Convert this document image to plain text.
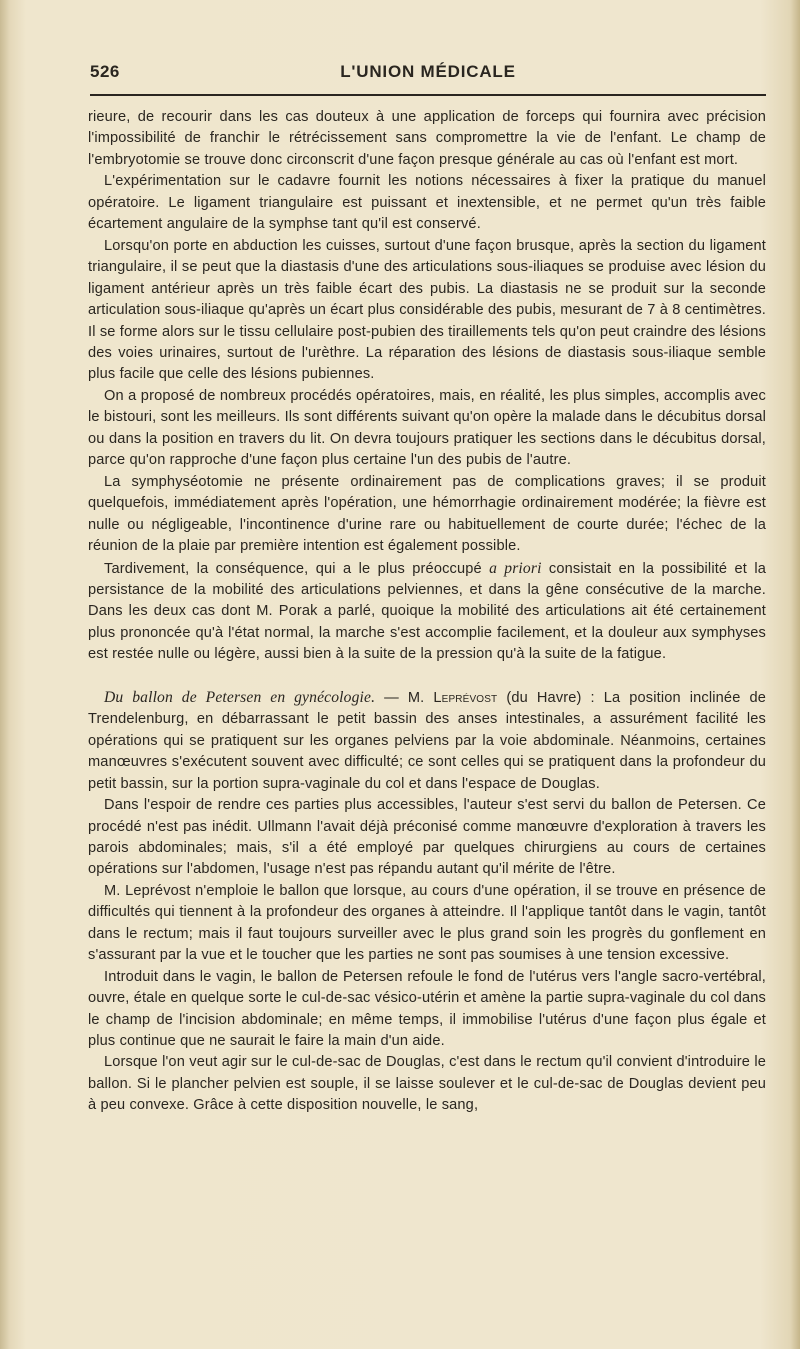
526	L'UNION MÉDICALE

rieure, de recourir dans les cas douteux à une application de forceps qui fournira avec précision l'impossibilité de franchir le rétrécissement sans compromettre la vie de l'enfant. Le champ de l'embryotomie se trouve donc circonscrit d'une façon presque générale au cas où l'enfant est mort.

L'expérimentation sur le cadavre fournit les notions nécessaires à fixer la pratique du manuel opératoire. Le ligament triangulaire est puissant et inextensible, et ne permet qu'un très faible écartement angulaire de la symphse tant qu'il est conservé.

Lorsqu'on porte en abduction les cuisses, surtout d'une façon brusque, après la section du ligament triangulaire, il se peut que la diastasis d'une des articulations sous-iliaques se produise avec lésion du ligament antérieur après un très faible écart des pubis. La diastasis ne se produit sur la seconde articulation sous-iliaque qu'après un écart plus considérable des pubis, mesurant de 7 à 8 centimètres. Il se forme alors sur le tissu cellulaire post-pubien des tiraillements tels qu'on peut craindre des lésions des voies urinaires, surtout de l'urèthre. La réparation des lésions de diastasis sous-iliaque semble plus facile que celle des lésions pubiennes.

On a proposé de nombreux procédés opératoires, mais, en réalité, les plus simples, accomplis avec le bistouri, sont les meilleurs. Ils sont différents suivant qu'on opère la malade dans le décubitus dorsal ou dans la position en travers du lit. On devra toujours pratiquer les sections dans le décubitus dorsal, parce qu'on rapproche d'une façon plus certaine l'un des pubis de l'autre.

La symphyséotomie ne présente ordinairement pas de complications graves; il se produit quelquefois, immédiatement après l'opération, une hémorrhagie ordinairement modérée; la fièvre est nulle ou négligeable, l'incontinence d'urine rare ou habituellement de courte durée; l'échec de la réunion de la plaie par première intention est également possible.

Tardivement, la conséquence, qui a le plus préoccupé a priori consistait en la possibilité et la persistance de la mobilité des articulations pelviennes, et dans la gêne consécutive de la marche. Dans les deux cas dont M. Porak a parlé, quoique la mobilité des articulations ait été certainement plus prononcée qu'à l'état normal, la marche s'est accomplie facilement, et la douleur aux symphyses est restée nulle ou légère, aussi bien à la suite de la pression qu'à la suite de la fatigue.

Du ballon de Petersen en gynécologie. — M. Leprévost (du Havre) : La position inclinée de Trendelenburg, en débarrassant le petit bassin des anses intestinales, a assurément facilité les opérations qui se pratiquent sur les organes pelviens par la voie abdominale. Néanmoins, certaines manœuvres s'exécutent souvent avec difficulté; ce sont celles qui se pratiquent dans la profondeur du petit bassin, sur la portion supra-vaginale du col et dans l'espace de Douglas.

Dans l'espoir de rendre ces parties plus accessibles, l'auteur s'est servi du ballon de Petersen. Ce procédé n'est pas inédit. Ullmann l'avait déjà préconisé comme manœuvre d'exploration à travers les parois abdominales; mais, s'il a été employé par quelques chirurgiens au cours de certaines opérations sur l'abdomen, l'usage n'est pas répandu autant qu'il mérite de l'être.

M. Leprévost n'emploie le ballon que lorsque, au cours d'une opération, il se trouve en présence de difficultés qui tiennent à la profondeur des organes à atteindre. Il l'applique tantôt dans le vagin, tantôt dans le rectum; mais il faut toujours surveiller avec le plus grand soin les progrès du gonflement en s'assurant par la vue et le toucher que les parties ne sont pas soumises à une tension excessive.

Introduit dans le vagin, le ballon de Petersen refoule le fond de l'utérus vers l'angle sacro-vertébral, ouvre, étale en quelque sorte le cul-de-sac vésico-utérin et amène la partie supra-vaginale du col dans le champ de l'incision abdominale; en même temps, il immobilise l'utérus d'une façon plus égale et plus continue que ne saurait le faire la main d'un aide.

Lorsque l'on veut agir sur le cul-de-sac de Douglas, c'est dans le rectum qu'il convient d'introduire le ballon. Si le plancher pelvien est souple, il se laisse soulever et le cul-de-sac de Douglas devient peu à peu convexe. Grâce à cette disposition nouvelle, le sang,
